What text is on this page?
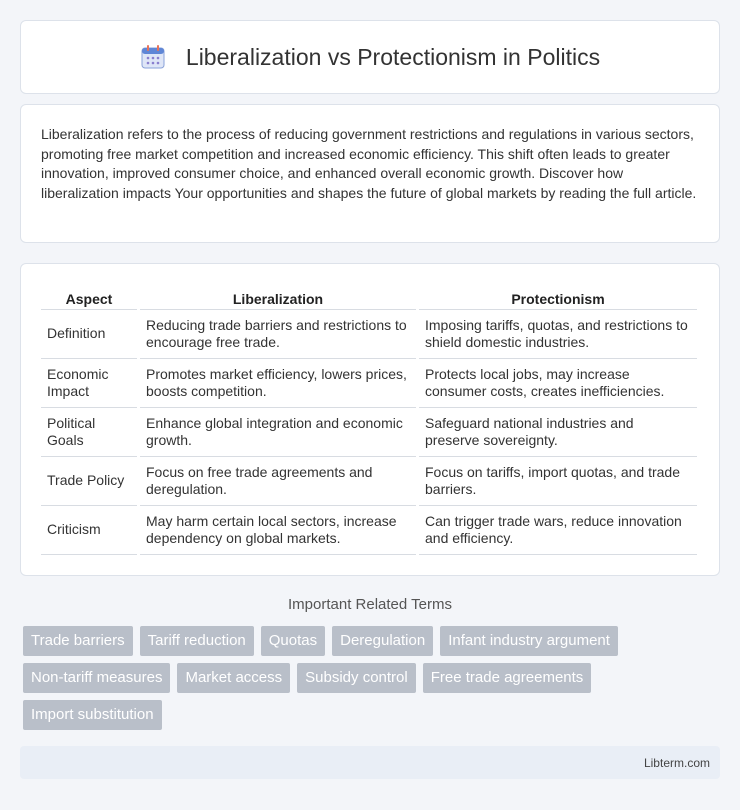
Liberalization vs Protectionism in Politics

Liberalization refers to the process of reducing government restrictions and regulations in various sectors, promoting free market competition and increased economic efficiency. This shift often leads to greater innovation, improved consumer choice, and enhanced overall economic growth. Discover how liberalization impacts Your opportunities and shapes the future of global markets by reading the full article.

Aspect	Liberalization	Protectionism
Definition	Reducing trade barriers and restrictions to encourage free trade.	Imposing tariffs, quotas, and restrictions to shield domestic industries.
Economic Impact	Promotes market efficiency, lowers prices, boosts competition.	Protects local jobs, may increase consumer costs, creates inefficiencies.
Political Goals	Enhance global integration and economic growth.	Safeguard national industries and preserve sovereignty.
Trade Policy	Focus on free trade agreements and deregulation.	Focus on tariffs, import quotas, and trade barriers.
Criticism	May harm certain local sectors, increase dependency on global markets.	Can trigger trade wars, reduce innovation and efficiency.
Important Related Terms
Trade barriers	Tariff reduction	Quotas	Deregulation	Infant industry argument
Non-tariff measures	Market access	Subsidy control	Free trade agreements
Import substitution
Libterm.com
